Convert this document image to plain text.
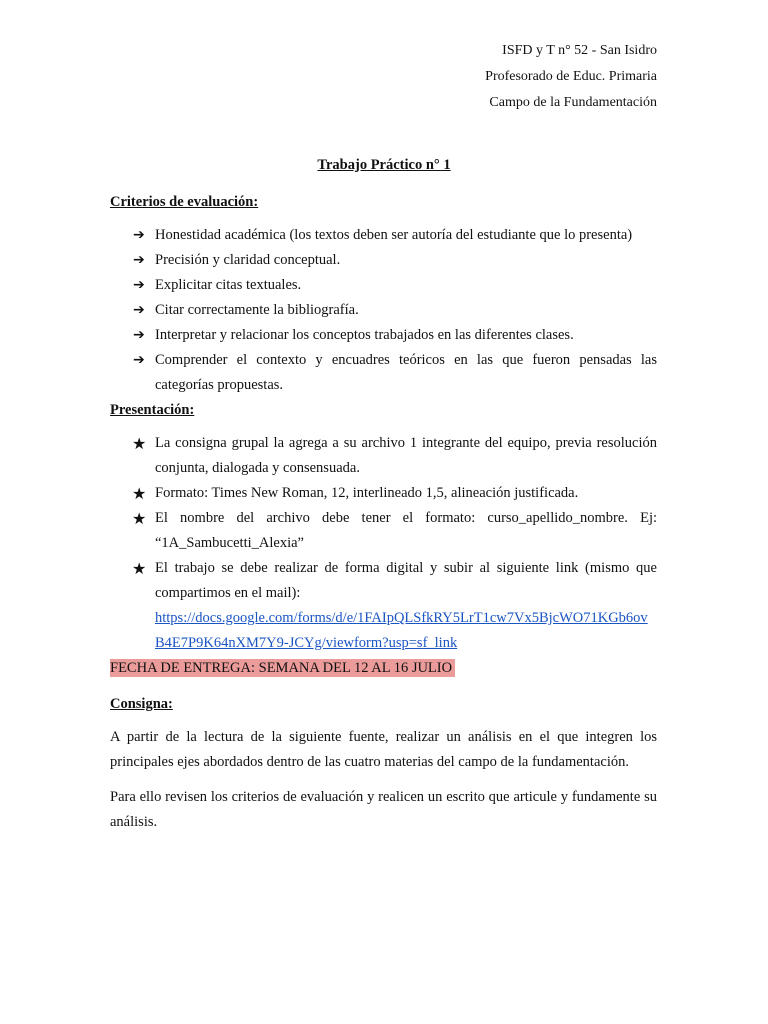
ISFD y T n° 52 - San Isidro
Profesorado de Educ. Primaria
Campo de la Fundamentación
Trabajo Práctico n° 1
Criterios de evaluación:
➔ Honestidad académica (los textos deben ser autoría del estudiante que lo presenta)
➔ Precisión y claridad conceptual.
➔ Explicitar citas textuales.
➔ Citar correctamente la bibliografía.
➔ Interpretar y relacionar los conceptos trabajados en las diferentes clases.
➔ Comprender el contexto y encuadres teóricos en las que fueron pensadas las categorías propuestas.
Presentación:
★ La consigna grupal la agrega a su archivo 1 integrante del equipo, previa resolución conjunta, dialogada y consensuada.
★ Formato: Times New Roman, 12, interlineado 1,5, alineación justificada.
★ El nombre del archivo debe tener el formato: curso_apellido_nombre. Ej: “1A_Sambucetti_Alexia”
★ El trabajo se debe realizar de forma digital y subir al siguiente link (mismo que compartimos en el mail):
https://docs.google.com/forms/d/e/1FAIpQLSfkRY5LrT1cw7Vx5BjcWO71KGb6ovB4E7P9K64nXM7Y9-JCYg/viewform?usp=sf_link
FECHA DE ENTREGA: SEMANA DEL 12 AL 16 JULIO
Consigna:

A partir de la lectura de la siguiente fuente, realizar un análisis en el que integren los principales ejes abordados dentro de las cuatro materias del campo de la fundamentación.

Para ello revisen los criterios de evaluación y realicen un escrito que articule y fundamente su análisis.
